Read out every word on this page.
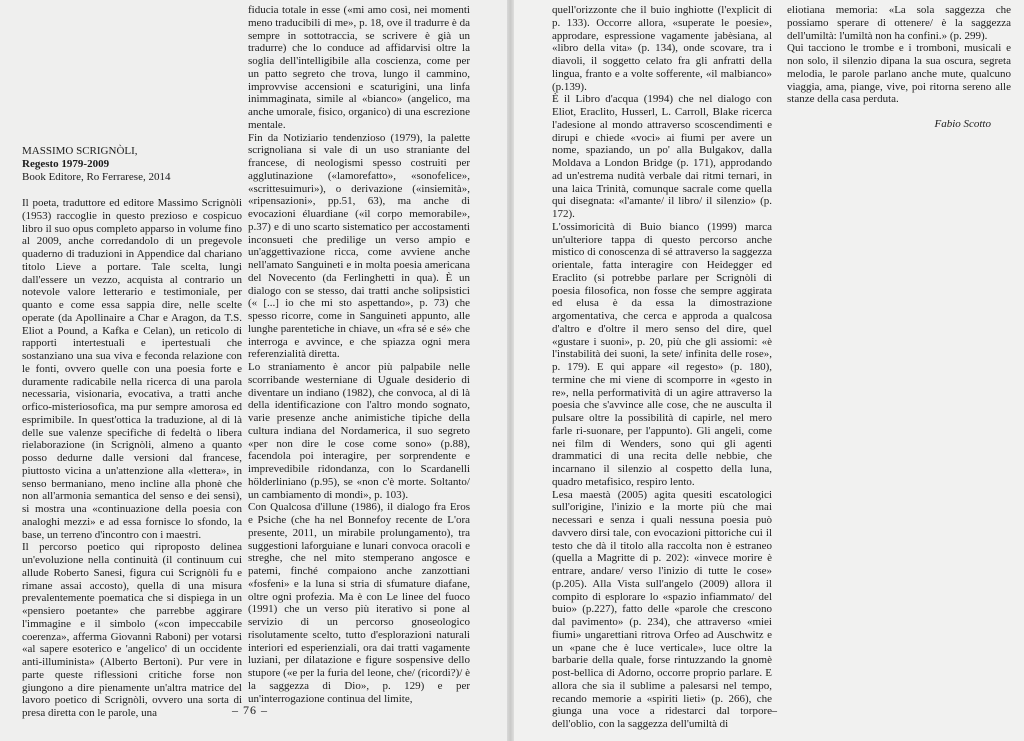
MASSIMO SCRIGNÒLI,
Regesto 1979-2009
Book Editore, Ro Ferrarese, 2014

Il poeta, traduttore ed editore Massimo Scrignòli (1953) raccoglie in questo prezioso e cospicuo libro il suo opus completo apparso in volume fino al 2009, anche corredandolo di un pregevole quaderno di traduzioni in Appendice dal chariano titolo Lieve a portare. Tale scelta, lungi dall'essere un vezzo, acquista al contrario un notevole valore letterario e testimoniale, per quanto e come essa sappia dire, nelle scelte operate (da Apollinaire a Char e Aragon, da T.S. Eliot a Pound, a Kafka e Celan), un reticolo di rapporti intertestuali e ipertestuali che sostanziano una sua viva e feconda relazione con le fonti, ovvero quelle con una poesia forte e duramente radicabile nella ricerca di una parola necessaria, visionaria, evocativa, a tratti anche orfico-misteriosofica, ma pur sempre amorosa ed esprimibile. In quest'ottica la traduzione, al di là delle sue valenze specifiche di fedeltà o libera rielaborazione (in Scrignòli, almeno a quanto posso dedurne dalle versioni dal francese, piuttosto vicina a un'attenzione alla «lettera», in senso bermaniano, meno incline alla phonè che non all'armonia semantica del senso e dei sensi), si mostra una «continuazione della poesia con analoghi mezzi» e ad essa fornisce lo sfondo, la base, un terreno d'incontro con i maestri.

Il percorso poetico qui riproposto delinea un'evoluzione nella continuità (il continuum cui allude Roberto Sanesi, figura cui Scrignòli fu e rimane assai accosto), quella di una misura prevalentemente poematica che si dispiega in un «pensiero poetante» che parrebbe aggirare l'immagine e il simbolo («con impeccabile coerenza», afferma Giovanni Raboni) per votarsi «al sapere esoterico e 'angelico' di un occidente anti-illuminista» (Alberto Bertoni). Pur vere in parte queste riflessioni critiche forse non giungono a dire pienamente un'altra matrice del lavoro poetico di Scrignòli, ovvero una sorta di presa diretta con le parole, una

fiducia totale in esse («mi amo così, nei momenti meno traducibili di me», p. 18, ove il tradurre è da sempre in sottotraccia, se scrivere è già un tradurre) che lo conduce ad affidarvisi oltre la soglia dell'intelligibile alla coscienza, come per un patto segreto che trova, lungo il cammino, improvvise accensioni e scaturigini, una linfa inimmaginata, simile al «bianco» (angelico, ma anche umorale, fisico, organico) di una escrezione mentale.

Fin da Notiziario tendenzioso (1979), la palette scrignoliana si vale di un uso straniante del francese, di neologismi spesso costruiti per agglutinazione («lamorefatto», «sonofelice», «scrittesuimuri»), o derivazione («insiemità», «ripensazioni», pp.51, 63), ma anche di evocazioni éluardiane («il corpo memorabile», p.37) e di uno scarto sistematico per accostamenti inconsueti che predilige un verso ampio e un'aggettivazione ricca, come avviene anche nell'amato Sanguineti e in molta poesia americana del Novecento (da Ferlinghetti in qua). È un dialogo con se stesso, dai tratti anche solipsistici (« [...] io che mi sto aspettando», p. 73) che spesso ricorre, come in Sanguineti appunto, alle lunghe parentetiche in chiave, un «fra sé e sé» che interroga e avvince, e che spiazza ogni mera referenzialità diretta.

Lo straniamento è ancor più palpabile nelle scorribande westerniane di Uguale desiderio di diventare un indiano (1982), che convoca, al di là della identificazione con l'altro mondo sognato, varie presenze anche animistiche tipiche della cultura indiana del Nordamerica, il suo segreto «per non dire le cose come sono» (p.88), facendola poi interagire, per sorprendente e imprevedibile ridondanza, con lo Scardanelli hölderliniano (p.95), se «non c'è morte. Soltanto/ un cambiamento di mondi», p. 103).

Con Qualcosa d'illune (1986), il dialogo fra Eros e Psiche (che ha nel Bonnefoy recente de L'ora presente, 2011, un mirabile prolungamento), tra suggestioni laforguiane e lunari convoca oracoli e streghe, che nel mito stemperano angosce e patemi, finché compaiono anche zanzottiani «fosfeni» e la luna si stria di sfumature diafane, oltre ogni profezia. Ma è con Le linee del fuoco (1991) che un verso più iterativo si pone al servizio di un percorso gnoseologico risolutamente scelto, tutto d'esplorazioni naturali interiori ed esperienziali, ora dai tratti vagamente luziani, per dilatazione e figure sospensive dello stupore («e per la furia del leone, che/ (ricordi?)/ è la saggezza di Dio», p. 129) e per un'interrogazione continua del limite,

– 76 –

quell'orizzonte che il buio inghiotte (l'explicit di p. 133). Occorre allora, «superate le poesie», approdare, espressione vagamente jabèsiana, al «libro della vita» (p. 134), onde scovare, tra i diavoli, il soggetto celato fra gli anfratti della lingua, franto e a volte sofferente, «il malbianco» (p.139).

È il Libro d'acqua (1994) che nel dialogo con Eliot, Eraclito, Husserl, L. Carroll, Blake ricerca l'adesione al mondo attraverso scoscendimenti e dirupi e chiede «voci» ai fiumi per avere un nome, spaziando, un po' alla Bulgakov, dalla Moldava a London Bridge (p. 171), approdando ad un'estrema nudità verbale dai ritmi ternari, in una laica Trinità, comunque sacrale come quella qui disegnata: «l'amante/ il libro/ il silenzio» (p. 172).

L'ossimoricità di Buio bianco (1999) marca un'ulteriore tappa di questo percorso anche mistico di conoscenza di sé attraverso la saggezza orientale, fatta interagire con Heidegger ed Eraclito (si potrebbe parlare per Scrignòli di poesia filosofica, non fosse che sempre aggirata ed elusa è da essa la dimostrazione argomentativa, che cerca e approda a qualcosa d'altro e d'oltre il mero senso del dire, quel «gustare i suoni», p. 20, più che gli assiomi: «è l'instabilità dei suoni, la sete/ infinita delle rose», p. 179). E qui appare «il regesto» (p. 180), termine che mi viene di scomporre in «gesto in re», nella performatività di un agire attraverso la poesia che s'avvince alle cose, che ne ausculta il pulsare oltre la possibilità di capirle, nel mero farle ri-suonare, per l'appunto). Gli angeli, come nei film di Wenders, sono qui gli agenti drammatici di una recita delle nebbie, che incarnano il silenzio al cospetto della luna, quadro metafisico, respiro lento.

Lesa maestà (2005) agita quesiti escatologici sull'origine, l'inizio e la morte più che mai necessari e senza i quali nessuna poesia può davvero dirsi tale, con evocazioni pittoriche cui il testo che dà il titolo alla raccolta non è estraneo (quella a Magritte di p. 202): «invece morire è entrare, andare/ verso l'inizio di tutte le cose» (p.205). Alla Vista sull'angelo (2009) allora il compito di esplorare lo «spazio infiammato/ del buio» (p.227), fatto delle «parole che crescono dal pavimento» (p. 234), che attraverso «miei fiumi» ungarettiani ritrova Orfeo ad Auschwitz e un «pane che è luce verticale», luce oltre la barbarie della quale, forse rintuzzando la gnomè post-bellica di Adorno, occorre proprio parlare. E allora che sia il sublime a palesarsi nel tempo, recando memorie a «spiriti lieti» (p. 266), che giunga una voce a ridestarci dal torpore dell'oblio, con la saggezza dell'umiltà di

eliotiana memoria: «La sola saggezza che possiamo sperare di ottenere/ è la saggezza dell'umiltà: l'umiltà non ha confini.» (p. 299).

Qui tacciono le trombe e i tromboni, musicali e non solo, il silenzio dipana la sua oscura, segreta melodia, le parole parlano anche mute, qualcuno viaggia, ama, piange, vive, poi ritorna sereno alle stanze della casa perduta.

Fabio Scotto

–
